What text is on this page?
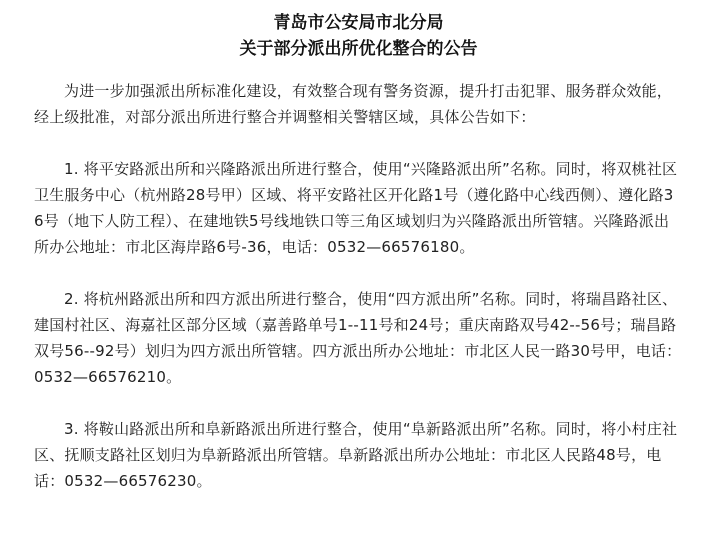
青岛市公安局市北分局

关于部分派出所优化整合的公告

为进一步加强派出所标准化建设，有效整合现有警务资源，提升打击犯罪、服务群众效能，经上级批准，对部分派出所进行整合并调整相关警辖区域，具体公告如下：

1. 将平安路派出所和兴隆路派出所进行整合，使用“兴隆路派出所”名称。同时，将双桃社区卫生服务中心（杭州路28号甲）区域、将平安路社区开化路1号（遵化路中心线西侧）、遵化路36号（地下人防工程）、在建地铁5号线地铁口等三角区域划归为兴隆路派出所管辖。兴隆路派出所办公地址：市北区海岸路6号-36，电话：0532—66576180。

2. 将杭州路派出所和四方派出所进行整合，使用“四方派出所”名称。同时，将瑞昌路社区、建国村社区、海嘉社区部分区域（嘉善路单号1--11号和24号；重庆南路双号42--56号；瑞昌路双号56--92号）划归为四方派出所管辖。四方派出所办公地址：市北区人民一路30号甲，电话： 0532—66576210。

3. 将鞍山路派出所和阜新路派出所进行整合，使用“阜新路派出所”名称。同时，将小村庄社区、抚顺支路社区划归为阜新路派出所管辖。阜新路派出所办公地址：市北区人民路48号，电话：0532—66576230。
